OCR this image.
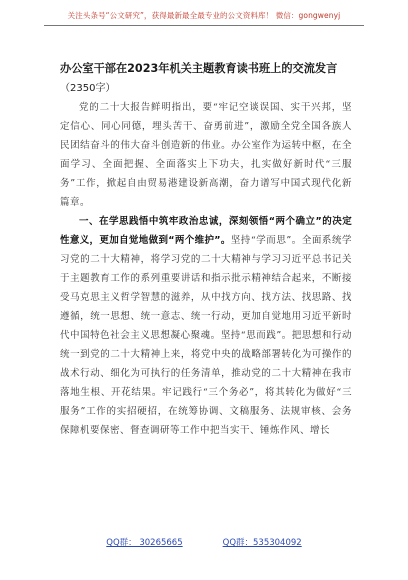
关注头条号“公文研究”，获得最新最全最专业的公文资料库！ 微信：gongwenyj
办公室干部在2023年机关主题教育读书班上的交流发言
（2350字）

党的二十大报告鲜明指出，要“牢记空谈误国、实干兴邦，坚定信心、同心同德，埋头苦干、奋勇前进”，激励全党全国各族人民团结奋斗的伟大奋斗创造新的伟业。办公室作为运转中枢，在全面学习、全面把握、全面落实上下功夫，扎实做好新时代“三服务”工作，掀起自由贸易港建设新高潮，奋力谱写中国式现代化新篇章。

一、在学思践悟中筑牢政治忠诚，深刻领悟“两个确立”的决定性意义，更加自觉地做到“两个维护”。坚持“学而思”。全面系统学习党的二十大精神，将学习党的二十大精神与学习习近平总书记关于主题教育工作的系列重要讲话和指示批示精神结合起来，不断接受马克思主义哲学智慧的滋养，从中找方向、找方法、找思路、找遵循，统一思想、统一意志、统一行动，更加自觉地用习近平新时代中国特色社会主义思想凝心聚魂。坚持“思而践”。把思想和行动统一到党的二十大精神上来，将党中央的战略部署转化为可操作的战术行动、细化为可执行的任务清单，推动党的二十大精神在我市落地生根、开花结果。牢记践行“三个务必”，将其转化为做好“三服务”工作的实招硬招，在统筹协调、文稿服务、法规审核、会务保障机要保密、督查调研等工作中把当实干、锤炼作风、增长

QQ群： 30265665	QQ群：535304092
